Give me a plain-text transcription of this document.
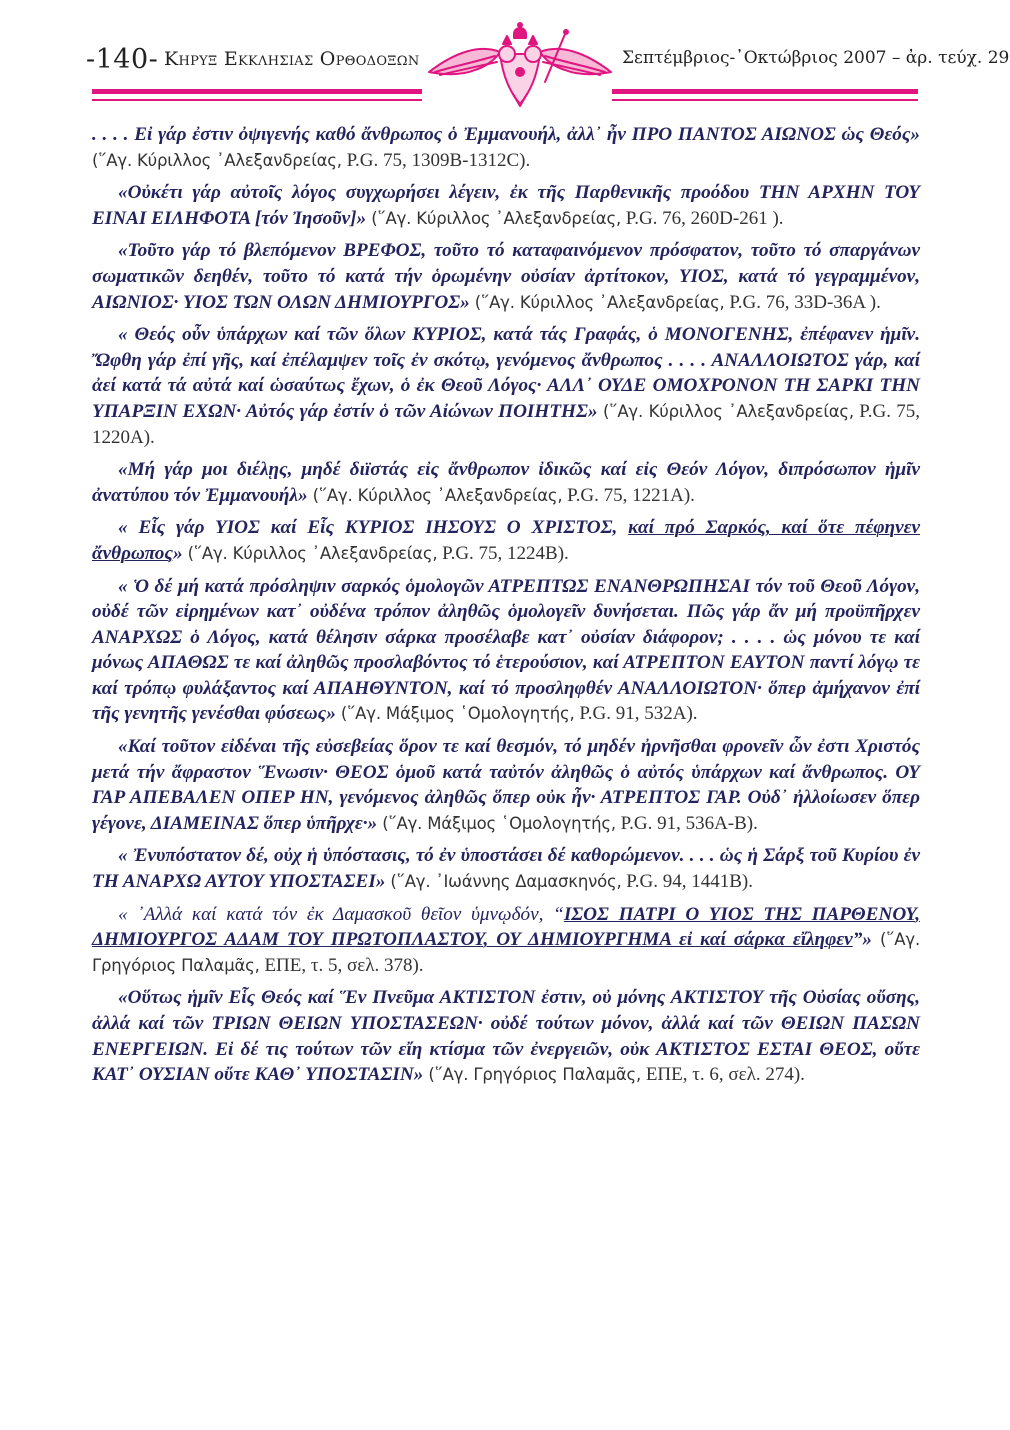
-140- Κηρυξ Εκκλησιας Ορθοδοξων	Σεπτέμβριος-᾿Οκτώβριος 2007 – ἀρ. τεύχ. 29

. . . . Εἰ γάρ ἐστιν ὀψιγενής καθό ἄνθρωπος ὁ Ἐμμανουήλ, ἀλλ᾿ ἦν ΠΡΟ ΠΑΝΤΟΣ ΑΙΩΝΟΣ ὡς Θεός» (῞Αγ. Κύριλλος ᾿Αλεξανδρείας, P.G. 75, 1309B-1312C).

«Οὐκέτι γάρ αὐτοῖς λόγος συγχωρήσει λέγειν, ἐκ τῆς Παρθενικῆς προόδου ΤΗΝ ΑΡΧΗΝ ΤΟΥ ΕΙΝΑΙ ΕΙΛΗΦΟΤΑ [τόν Ἰησοῦν]» (῞Αγ. Κύριλλος ᾿Αλεξανδρείας, P.G. 76, 260D-261 ).

«Τοῦτο γάρ τό βλεπόμενον ΒΡΕΦΟΣ, τοῦτο τό καταφαινόμενον πρόσφατον, τοῦτο τό σπαργάνων σωματικῶν δεηθέν, τοῦτο τό κατά τήν ὁρωμένην οὐσίαν ἀρτίτοκον, ΥΙΟΣ, κατά τό γεγραμμένον, ΑΙΩΝΙΟΣ· ΥΙΟΣ ΤΩΝ ΟΛΩΝ ΔΗΜΙΟΥΡΓΟΣ» (῞Αγ. Κύριλλος ᾿Αλεξανδρείας, P.G. 76, 33D-36A ).

« Θεός οὖν ὑπάρχων καί τῶν ὅλων ΚΥΡΙΟΣ, κατά τάς Γραφάς, ὁ ΜΟΝΟΓΕΝΗΣ, ἐπέφανεν ἡμῖν. Ὤφθη γάρ ἐπί γῆς, καί ἐπέλαμψεν τοῖς ἐν σκότῳ, γενόμενος ἄνθρωπος . . . . ΑΝΑΛΛΟΙΩΤΟΣ γάρ, καί ἀεί κατά τά αὐτά καί ὡσαύτως ἔχων, ὁ ἐκ Θεοῦ Λόγος· ΑΛΛ᾿ ΟΥΔΕ ΟΜΟΧΡΟΝΟΝ ΤΗ ΣΑΡΚΙ ΤΗΝ ΥΠΑΡΞΙΝ ΕΧΩΝ· Αὐτός γάρ ἐστίν ὁ τῶν Αἰώνων ΠΟΙΗΤΗΣ» (῞Αγ. Κύριλλος ᾿Αλεξανδρείας, P.G. 75, 1220A).

«Μή γάρ μοι διέλῃς, μηδέ διϊστάς εἰς ἄνθρωπον ἰδικῶς καί εἰς Θεόν Λόγον, διπρόσωπον ἡμῖν ἀνατύπου τόν Ἐμμανουήλ» (῞Αγ. Κύριλλος ᾿Αλεξανδρείας, P.G. 75, 1221A).

« Εἷς γάρ ΥΙΟΣ καί Εἷς ΚΥΡΙΟΣ ΙΗΣΟΥΣ Ο ΧΡΙΣΤΟΣ, καί πρό Σαρκός, καί ὅτε πέφηνεν ἄνθρωπος» (῞Αγ. Κύριλλος ᾿Αλεξανδρείας, P.G. 75, 1224B).

« Ὁ δέ μή κατά πρόσληψιν σαρκός ὁμολογῶν ΑΤΡΕΠΤΩΣ ΕΝΑΝΘΡΩΠΗΣΑΙ τόν τοῦ Θεοῦ Λόγον, οὐδέ τῶν εἰρημένων κατ᾿ οὐδένα τρόπον ἀληθῶς ὁμολογεῖν δυνήσεται. Πῶς γάρ ἄν μή προϋπῆρχεν ΑΝΑΡΧΩΣ ὁ Λόγος, κατά θέλησιν σάρκα προσέλαβε κατ᾿ οὐσίαν διάφορον; . . . . ὡς μόνου τε καί μόνως ΑΠΑΘΩΣ τε καί ἀληθῶς προσλαβόντος τό ἑτερούσιον, καί ΑΤΡΕΠΤΟΝ ΕΑΥΤΟΝ παντί λόγῳ τε καί τρόπῳ φυλάξαντος καί ΑΠΑΗΘΥΝΤΟΝ, καί τό προσληφθέν ΑΝΑΛΛΟΙΩΤΟΝ· ὅπερ ἀμήχανον ἐπί τῆς γενητῆς γενέσθαι φύσεως» (῞Αγ. Μάξιμος ῾Ομολογητής, P.G. 91, 532A).

«Καί τοῦτον εἰδέναι τῆς εὐσεβείας ὅρον τε καί θεσμόν, τό μηδέν ἠρνῆσθαι φρονεῖν ὧν ἐστι Χριστός μετά τήν ἄφραστον Ἕνωσιν· ΘΕΟΣ ὁμοῦ κατά ταὐτόν ἀληθῶς ὁ αὐτός ὑπάρχων καί ἄνθρωπος. ΟΥ ΓΑΡ ΑΠΕΒΑΛΕΝ ΟΠΕΡ ΗΝ, γενόμενος ἀληθῶς ὅπερ οὐκ ἦν· ΑΤΡΕΠΤΟΣ ΓΑΡ. Οὐδ᾿ ἠλλοίωσεν ὅπερ γέγονε, ΔΙΑΜΕΙΝΑΣ ὅπερ ὑπῆρχε·» (῞Αγ. Μάξιμος ῾Ομολογητής, P.G. 91, 536A-B).

« Ἐνυπόστατον δέ, οὐχ ἡ ὑπόστασις, τό ἐν ὑποστάσει δέ καθορώμενον. . . . ὡς ἡ Σάρξ τοῦ Κυρίου ἐν ΤΗ ΑΝΑΡΧΩ ΑΥΤΟΥ ΥΠΟΣΤΑΣΕΙ» (῞Αγ. ᾿Ιωάννης Δαμασκηνός, P.G. 94, 1441B).

« ᾿Αλλά καί κατά τόν ἐκ Δαμασκοῦ θεῖον ὑμνῳδόν, “ΙΣΟΣ ΠΑΤΡΙ Ο ΥΙΟΣ ΤΗΣ ΠΑΡΘΕΝΟΥ, ΔΗΜΙΟΥΡΓΟΣ ΑΔΑΜ ΤΟΥ ΠΡΩΤΟΠΛΑΣΤΟΥ, ΟΥ ΔΗΜΙΟΥΡΓΗΜΑ εἰ καί σάρκα εἴληφεν”» (῞Αγ. Γρηγόριος Παλαμᾶς, ΕΠΕ, τ. 5, σελ. 378).

«Οὕτως ἡμῖν Εἷς Θεός καί Ἕν Πνεῦμα ΑΚΤΙΣΤΟΝ ἐστιν, οὐ μόνης ΑΚΤΙΣΤΟΥ τῆς Οὐσίας οὔσης, ἀλλά καί τῶν ΤΡΙΩΝ ΘΕΙΩΝ ΥΠΟΣΤΑΣΕΩΝ· οὐδέ τούτων μόνον, ἀλλά καί τῶν ΘΕΙΩΝ ΠΑΣΩΝ ΕΝΕΡΓΕΙΩΝ. Εἰ δέ τις τούτων τῶν εἴη κτίσμα τῶν ἐνεργειῶν, οὐκ ΑΚΤΙΣΤΟΣ ΕΣΤΑΙ ΘΕΟΣ, οὔτε ΚΑΤ᾿ ΟΥΣΙΑΝ οὔτε ΚΑΘ᾿ ΥΠΟΣΤΑΣΙΝ» (῞Αγ. Γρηγόριος Παλαμᾶς, ΕΠΕ, τ. 6, σελ. 274).
